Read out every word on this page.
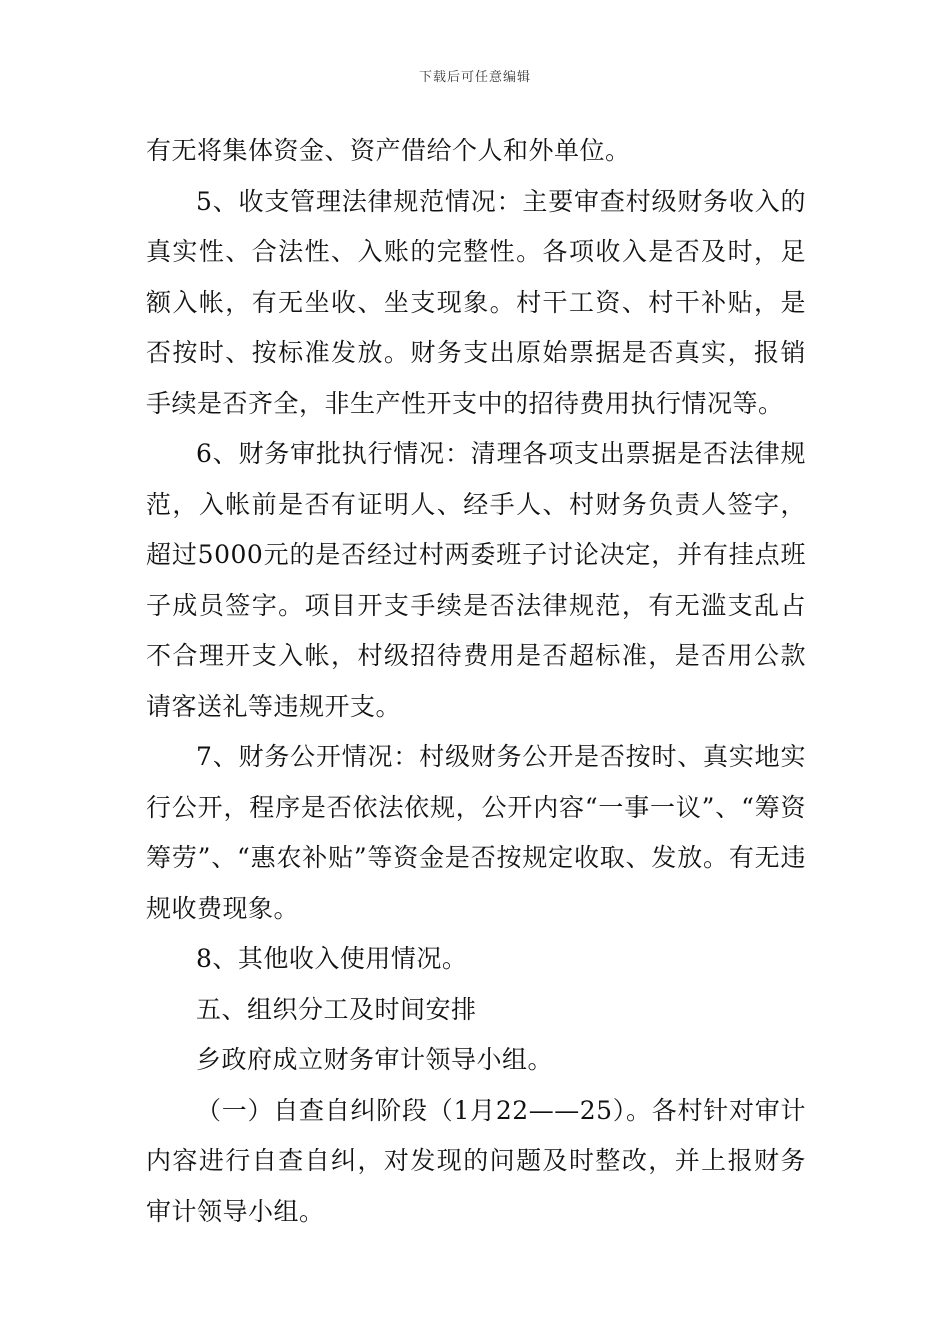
下载后可任意编辑

有无将集体资金、资产借给个人和外单位。

5、收支管理法律规范情况：主要审查村级财务收入的真实性、合法性、入账的完整性。各项收入是否及时，足额入帐，有无坐收、坐支现象。村干工资、村干补贴，是否按时、按标准发放。财务支出原始票据是否真实，报销手续是否齐全，非生产性开支中的招待费用执行情况等。

6、财务审批执行情况：清理各项支出票据是否法律规范，入帐前是否有证明人、经手人、村财务负责人签字，超过5000元的是否经过村两委班子讨论决定，并有挂点班子成员签字。项目开支手续是否法律规范，有无滥支乱占不合理开支入帐，村级招待费用是否超标准，是否用公款请客送礼等违规开支。

7、财务公开情况：村级财务公开是否按时、真实地实行公开，程序是否依法依规，公开内容“一事一议”、“筹资筹劳”、“惠农补贴”等资金是否按规定收取、发放。有无违规收费现象。

8、其他收入使用情况。

五、组织分工及时间安排

乡政府成立财务审计领导小组。

（一）自查自纠阶段（1月22——25）。各村针对审计内容进行自查自纠，对发现的问题及时整改，并上报财务审计领导小组。
